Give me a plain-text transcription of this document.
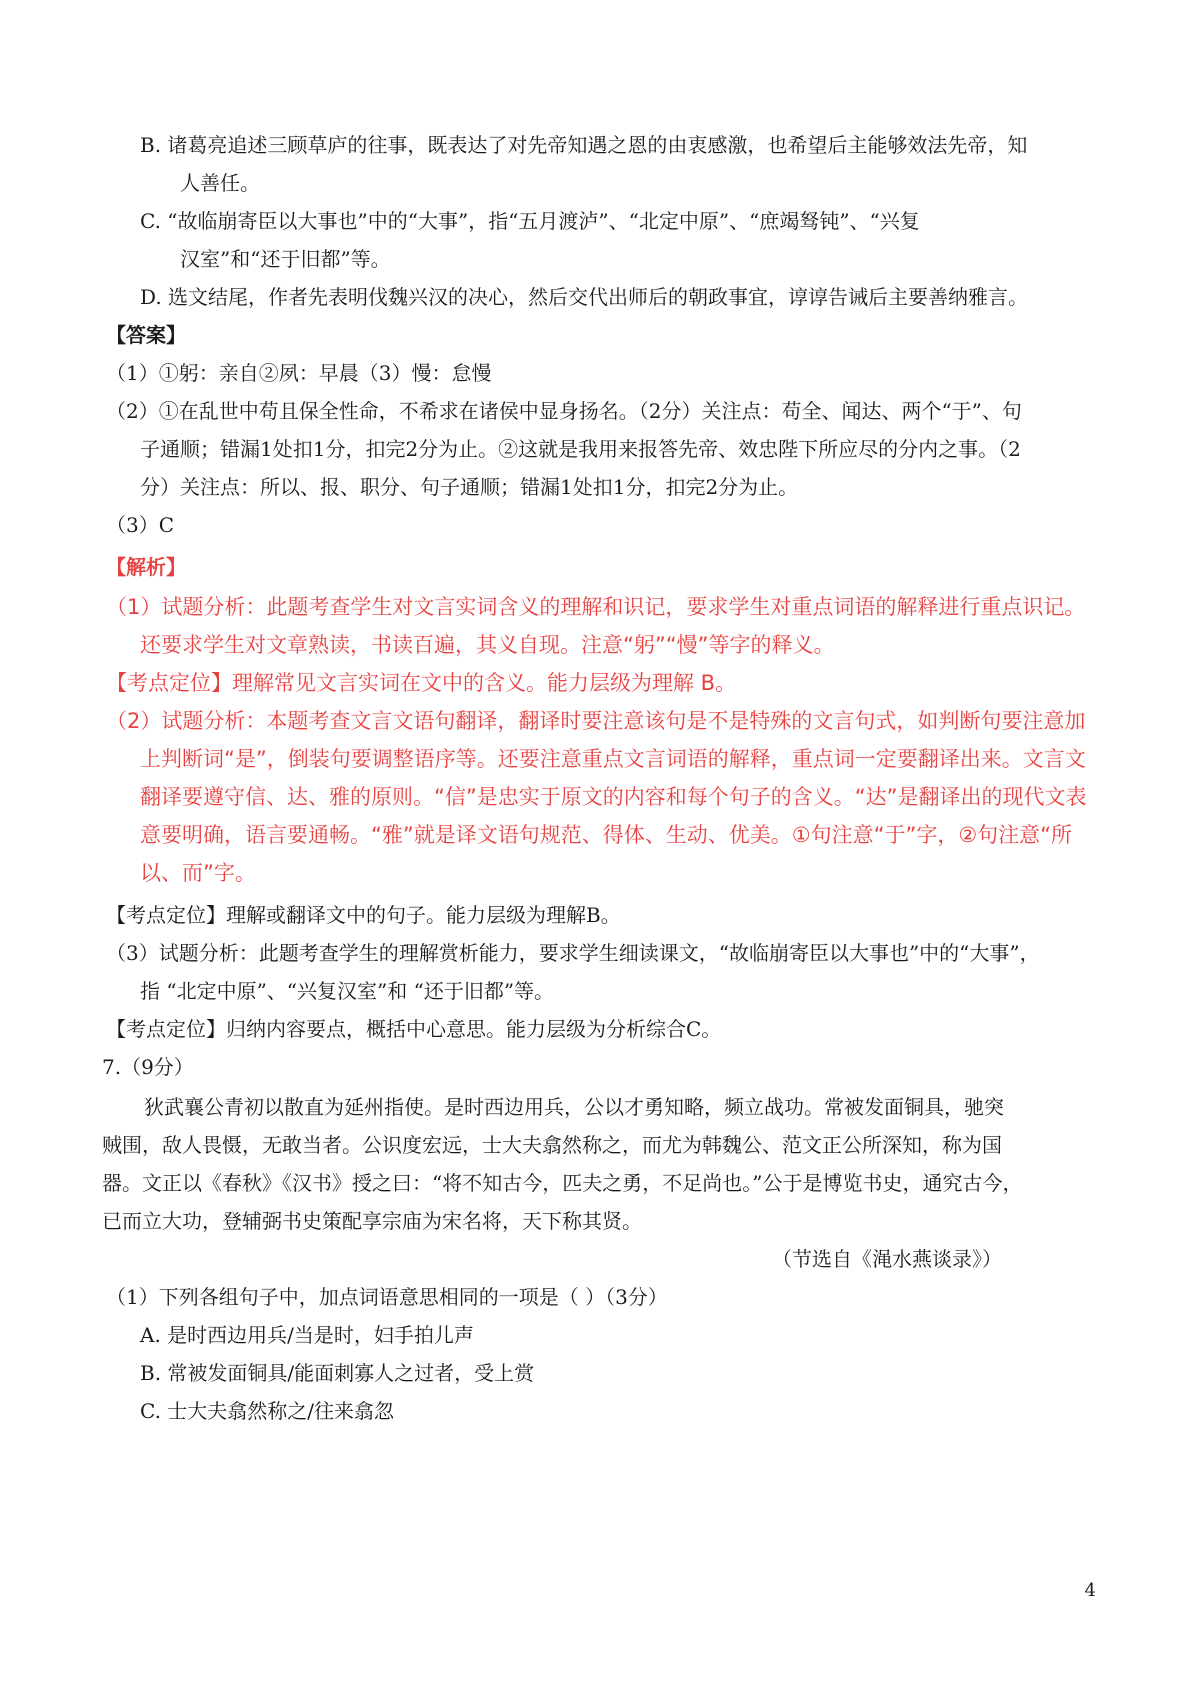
B. 诸葛亮追述三顾草庐的往事，既表达了对先帝知遇之恩的由衷感激，也希望后主能够效法先帝，知
人善任。
C. “故临崩寄臣以大事也”中的“大事”，指“五月渡泸”、“北定中原”、“庶竭驽钝”、“兴复
汉室”和“还于旧都”等。
D. 选文结尾，作者先表明伐魏兴汉的决心，然后交代出师后的朝政事宜，谆谆告诫后主要善纳雅言。
【答案】
（1）①躬：亲自②夙：早晨（3）慢：怠慢
（2）①在乱世中苟且保全性命，不希求在诸侯中显身扬名。（2分）关注点：苟全、闻达、两个“于”、句
子通顺；错漏1处扣1分，扣完2分为止。②这就是我用来报答先帝、效忠陛下所应尽的分内之事。（2
分）关注点：所以、报、职分、句子通顺；错漏1处扣1分，扣完2分为止。
（3）C
【解析】
（1）试题分析：此题考查学生对文言实词含义的理解和识记，要求学生对重点词语的解释进行重点识记。
还要求学生对文章熟读，书读百遍，其义自现。注意“躬”“慢”等字的释义。
【考点定位】理解常见文言实词在文中的含义。能力层级为理解 B。
（2）试题分析：本题考查文言文语句翻译，翻译时要注意该句是不是特殊的文言句式，如判断句要注意加
上判断词“是”，倒装句要调整语序等。还要注意重点文言词语的解释，重点词一定要翻译出来。文言文
翻译要遵守信、达、雅的原则。“信”是忠实于原文的内容和每个句子的含义。“达”是翻译出的现代文表
意要明确，语言要通畅。“雅”就是译文语句规范、得体、生动、优美。①句注意“于”字，②句注意“所
以、而”字。
【考点定位】理解或翻译文中的句子。能力层级为理解B。
（3）试题分析：此题考查学生的理解赏析能力，要求学生细读课文，“故临崩寄臣以大事也”中的“大事”，
指 “北定中原”、“兴复汉室”和 “还于旧都”等。
【考点定位】归纳内容要点，概括中心意思。能力层级为分析综合C。
7.（9分）
狄武襄公青初以散直为延州指使。是时西边用兵，公以才勇知略，频立战功。常被发面铜具，驰突
贼围，敌人畏慑，无敢当者。公识度宏远，士大夫翕然称之，而尤为韩魏公、范文正公所深知，称为国
器。文正以《春秋》《汉书》授之曰：“将不知古今，匹夫之勇，不足尚也。”公于是博览书史，通究古今，
已而立大功，登辅弼书史策配享宗庙为宋名将，天下称其贤。
（节选自《渑水燕谈录》）
（1）下列各组句子中，加点词语意思相同的一项是（ ）（3分）
A. 是时西边用兵/当是时，妇手拍儿声
B. 常被发面铜具/能面刺寡人之过者，受上赏
C. 士大夫翕然称之/往来翕忽
4
